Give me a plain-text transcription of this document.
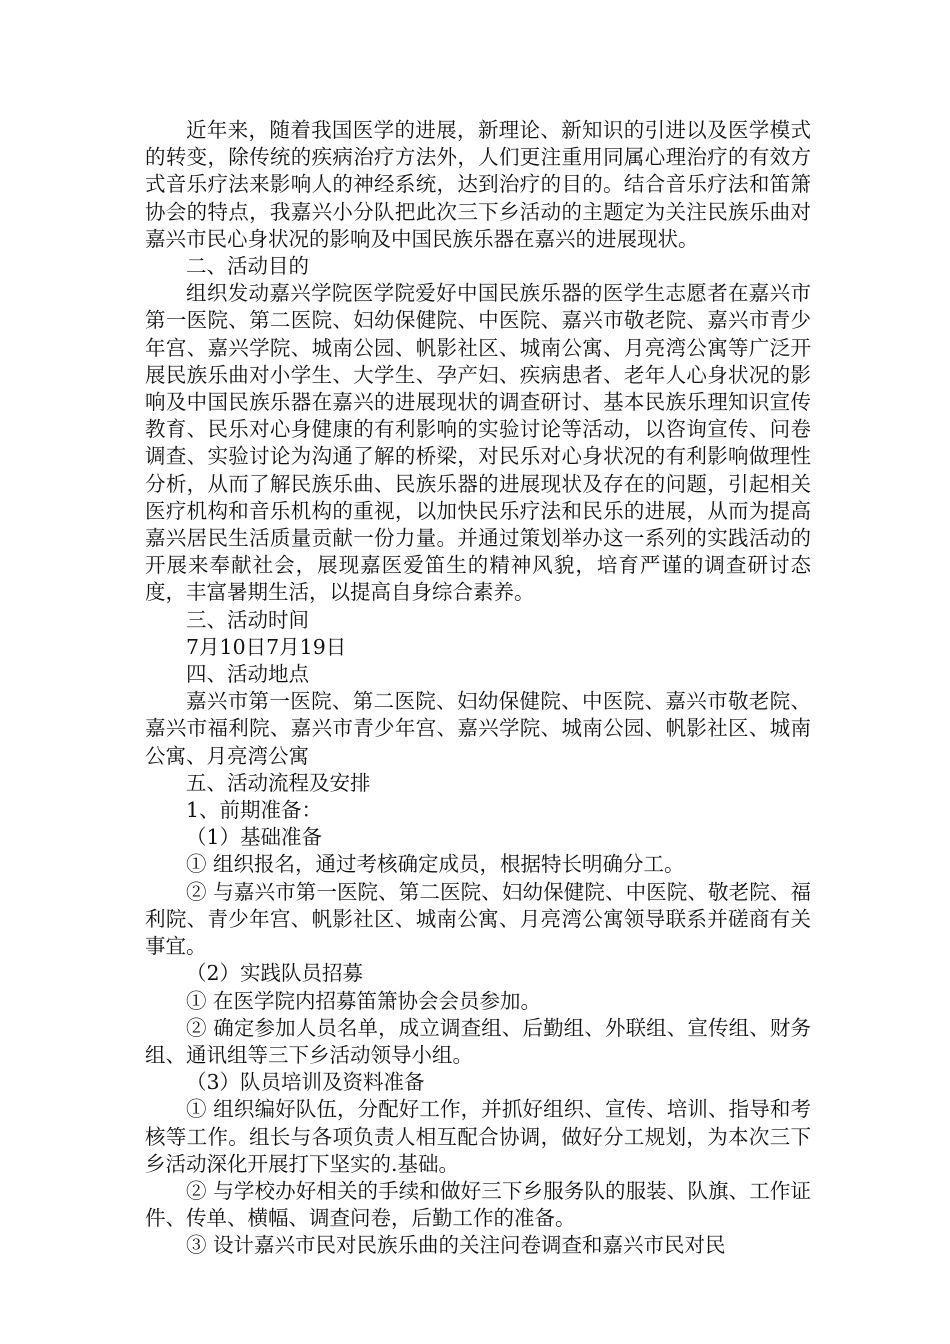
近年来，随着我国医学的进展，新理论、新知识的引进以及医学模式的转变，除传统的疾病治疗方法外，人们更注重用同属心理治疗的有效方式音乐疗法来影响人的神经系统，达到治疗的目的。结合音乐疗法和笛箫协会的特点，我嘉兴小分队把此次三下乡活动的主题定为关注民族乐曲对嘉兴市民心身状况的影响及中国民族乐器在嘉兴的进展现状。

二、活动目的

组织发动嘉兴学院医学院爱好中国民族乐器的医学生志愿者在嘉兴市第一医院、第二医院、妇幼保健院、中医院、嘉兴市敬老院、嘉兴市青少年宫、嘉兴学院、城南公园、帆影社区、城南公寓、月亮湾公寓等广泛开展民族乐曲对小学生、大学生、孕产妇、疾病患者、老年人心身状况的影响及中国民族乐器在嘉兴的进展现状的调查研讨、基本民族乐理知识宣传教育、民乐对心身健康的有利影响的实验讨论等活动，以咨询宣传、问卷调查、实验讨论为沟通了解的桥梁，对民乐对心身状况的有利影响做理性分析，从而了解民族乐曲、民族乐器的进展现状及存在的问题，引起相关医疗机构和音乐机构的重视，以加快民乐疗法和民乐的进展，从而为提高嘉兴居民生活质量贡献一份力量。并通过策划举办这一系列的实践活动的开展来奉献社会，展现嘉医爱笛生的精神风貌，培育严谨的调查研讨态度，丰富暑期生活，以提高自身综合素养。

三、活动时间

7月10日7月19日

四、活动地点

嘉兴市第一医院、第二医院、妇幼保健院、中医院、嘉兴市敬老院、嘉兴市福利院、嘉兴市青少年宫、嘉兴学院、城南公园、帆影社区、城南公寓、月亮湾公寓

五、活动流程及安排

1、前期准备：

（1）基础准备

① 组织报名，通过考核确定成员，根据特长明确分工。

② 与嘉兴市第一医院、第二医院、妇幼保健院、中医院、敬老院、福利院、青少年宫、帆影社区、城南公寓、月亮湾公寓领导联系并磋商有关事宜。

（2）实践队员招募

① 在医学院内招募笛箫协会会员参加。

② 确定参加人员名单，成立调查组、后勤组、外联组、宣传组、财务组、通讯组等三下乡活动领导小组。

（3）队员培训及资料准备

① 组织编好队伍，分配好工作，并抓好组织、宣传、培训、指导和考核等工作。组长与各项负责人相互配合协调，做好分工规划，为本次三下乡活动深化开展打下坚实的.基础。

② 与学校办好相关的手续和做好三下乡服务队的服装、队旗、工作证件、传单、横幅、调查问卷，后勤工作的准备。

③ 设计嘉兴市民对民族乐曲的关注问卷调查和嘉兴市民对民
